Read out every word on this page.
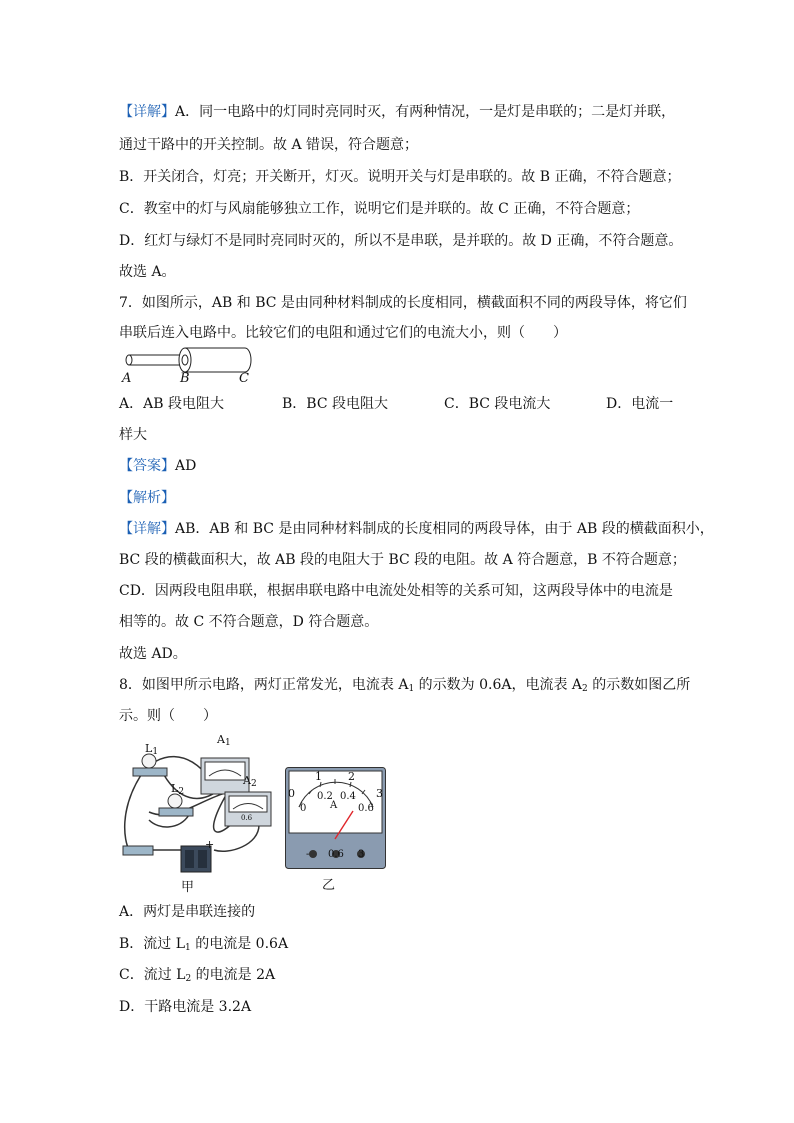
【详解】A．同一电路中的灯同时亮同时灭，有两种情况，一是灯是串联的；二是灯并联，
通过干路中的开关控制。故 A 错误，符合题意；
B．开关闭合，灯亮；开关断开，灯灭。说明开关与灯是串联的。故 B 正确，不符合题意；
C．教室中的灯与风扇能够独立工作，说明它们是并联的。故 C 正确，不符合题意；
D．红灯与绿灯不是同时亮同时灭的，所以不是串联，是并联的。故 D 正确，不符合题意。
故选 A。
7．如图所示，AB 和 BC 是由同种材料制成的长度相同，横截面积不同的两段导体，将它们
串联后连入电路中。比较它们的电阻和通过它们的电流大小，则（　　）
A	B	C
A．AB 段电阻大	B．BC 段电阻大	C．BC 段电流大	D．电流一
样大
【答案】AD
【解析】
【详解】AB．AB 和 BC 是由同种材料制成的长度相同的两段导体，由于 AB 段的横截面积小，
BC 段的横截面积大，故 AB 段的电阻大于 BC 段的电阻。故 A 符合题意，B 不符合题意；
CD．因两段电阻串联，根据串联电路中电流处处相等的关系可知，这两段导体中的电流是
相等的。故 C 不符合题意，D 符合题意。
故选 AD。
8．如图甲所示电路，两灯正常发光，电流表 $A_1$ 的示数为 0.6A，电流表 $A_2$ 的示数如图乙所
示。则（　　）
$L_1$
$L_2$
$A_1$
$A_2$
0.6
+
甲
1 2
0	3
0.2 0.4
A
0	0.6
- 0.6 3
乙
A．两灯是串联连接的
B．流过 $L_1$ 的电流是 0.6A
C．流过 $L_2$ 的电流是 2A
D．干路电流是 3.2A
